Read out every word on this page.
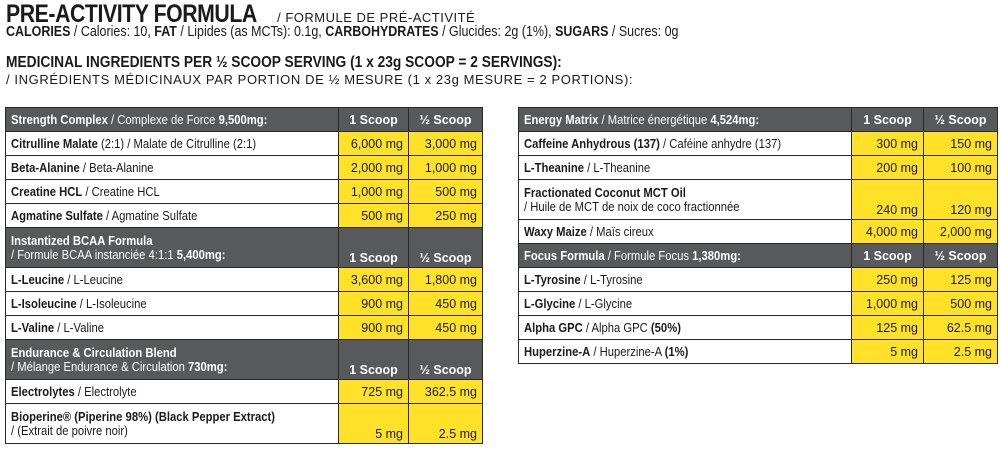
PRE-ACTIVITY FORMULA / FORMULE DE PRÉ-ACTIVITÉ
CALORIES / Calories: 10, FAT / Lipides (as MCTs): 0.1g, CARBOHYDRATES / Glucides: 2g (1%), SUGARS / Sucres: 0g
MEDICINAL INGREDIENTS PER ½ SCOOP SERVING (1 x 23g SCOOP = 2 SERVINGS):
/ INGRÉDIENTS MÉDICINAUX PAR PORTION DE ½ MESURE (1 x 23g MESURE = 2 PORTIONS):
Strength Complex / Complexe de Force 9,500mg:	1 Scoop	½ Scoop
Citrulline Malate (2:1) / Malate de Citrulline (2:1)	6,000 mg	3,000 mg
Beta-Alanine / Beta-Alanine	2,000 mg	1,000 mg
Creatine HCL / Creatine HCL	1,000 mg	500 mg
Agmatine Sulfate / Agmatine Sulfate	500 mg	250 mg
Instantized BCAA Formula
/ Formule BCAA instanciée 4:1:1 5,400mg:	1 Scoop	½ Scoop
L-Leucine / L-Leucine	3,600 mg	1,800 mg
L-Isoleucine / L-Isoleucine	900 mg	450 mg
L-Valine / L-Valine	900 mg	450 mg
Endurance & Circulation Blend
/ Mélange Endurance & Circulation 730mg:	1 Scoop	½ Scoop
Electrolytes / Electrolyte	725 mg	362.5 mg
Bioperine® (Piperine 98%) (Black Pepper Extract)
/ (Extrait de poivre noir)	5 mg	2.5 mg
Energy Matrix / Matrice énergétique 4,524mg:	1 Scoop	½ Scoop
Caffeine Anhydrous (137) / Caféine anhydre (137)	300 mg	150 mg
L-Theanine / L-Theanine	200 mg	100 mg
Fractionated Coconut MCT Oil
/ Huile de MCT de noix de coco fractionnée	240 mg	120 mg
Waxy Maize / Maïs cireux	4,000 mg	2,000 mg
Focus Formula / Formule Focus 1,380mg:	1 Scoop	½ Scoop
L-Tyrosine / L-Tyrosine	250 mg	125 mg
L-Glycine / L-Glycine	1,000 mg	500 mg
Alpha GPC / Alpha GPC (50%)	125 mg	62.5 mg
Huperzine-A / Huperzine-A (1%)	5 mg	2.5 mg
